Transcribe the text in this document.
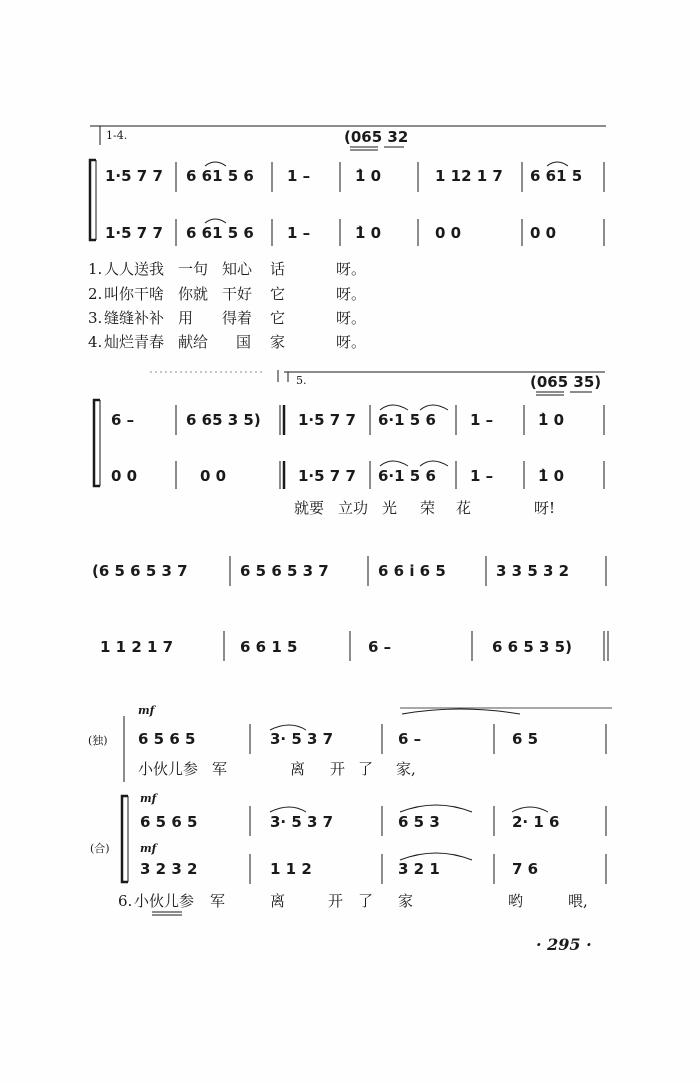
1-4.	(065 32
1·5 7 7 6 61 5 6 1 –	1̀ 0	1 12 1 7 6 61 5
1·5 7 7 6 61 5 6 1 –	1̀ 0	0 0	0 0
1. 人人送我 一句 知心 话	呀。
2. 叫你干啥 你就 干好 它	呀。
3. 缝缝补补 用 得着 它	呀。
4. 灿烂青春 献给 国 家	呀。
5.	(065 35)
6 –	6 65 3 5) 1·5 7 7 6·1 5 6 1 –	1̀ 0
0 0	0 0	1·5 7 7 6·1 5 6 1 –	1̀ 0
就要 立功 光 荣 花	呀!
(6 5 6 5 3 7	6 5 6 5 3 7	6 6 i 6 5	3 3 5 3 2
1 1 2 1 7	6 6 1 5	6 –	6 6 5 3 5)
(独)
mf
6 5 6 5	3· 5 3 7	6 –	6 5
小伙儿参 军	离 开 了 家,
(合)
mf
6 5 6 5	3· 5 3 7	6 5 3	2· 1 6
mf
3 2 3 2	1 1 2	3 2 1	7 6
6. 小伙儿参 军	离	开 了 家	哟	喂,
· 295 ·
